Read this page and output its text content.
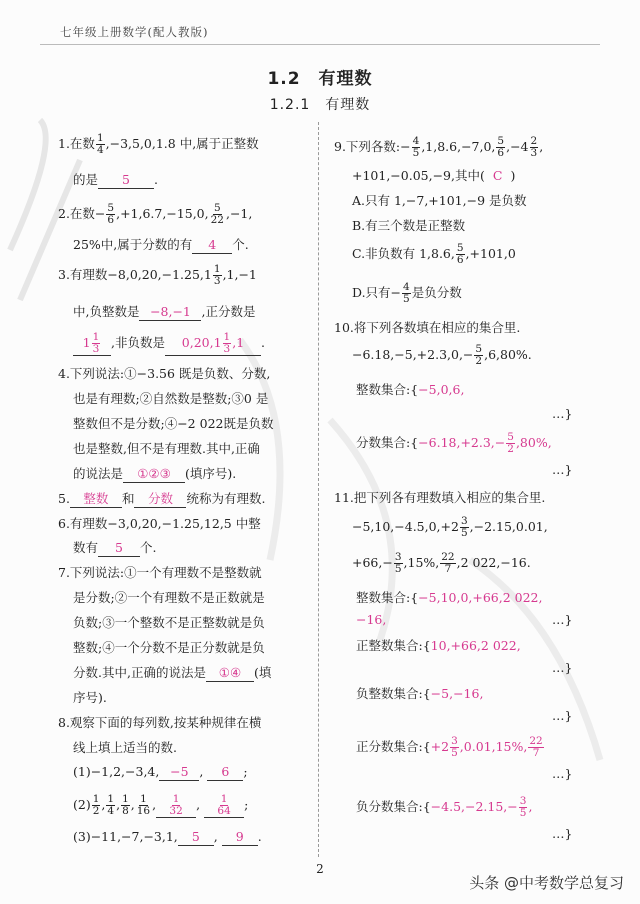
七年级上册数学(配人教版)
1.2　有理数
1.2.1　有理数
1.在数 $\frac{1}{4} ,-3,5,0,1.8$ 中,属于正整数
的是 5 .
2.在数− $\frac{5}{6} ,+1,6.7,-15,0$, $\frac{5}{22} ,-1$,
25%中,属于分数的有 4 个.
3.有理数$-8,0,20,-1.25,1 \frac{1}{3} ,1,-1$
中,负整数是 −8,−1 ,正分数是
$1 \frac{1}{3}$ ,非负数是 $0,20,1 \frac{1}{3} ,1$ .
4.下列说法:①−3.56 既是负数、分数,
也是有理数;②自然数是整数;③0 是
整数但不是分数;④−2 022既是负数
也是整数,但不是有理数.其中,正确
的说法是 ①②③ (填序号).
5. 整数 和 分数 统称为有理数.
6.有理数−3,0,20,−1.25,12,5 中整
数有 5 个.
7.下列说法:①一个有理数不是整数就
是分数;②一个有理数不是正数就是
负数;③一个整数不是正整数就是负
整数;④一个分数不是正分数就是负
分数.其中,正确的说法是 ①④ (填
序号).
8.观察下面的每列数,按某种规律在横
线上填上适当的数.
(1)−1,2,−3,4, −5 , 6 ;
$(2) \frac{1}{2}$ , $\frac{1}{4}$ , $\frac{1}{8}$ , $\frac{1}{16}$ , $\frac{1}{32}$ , $\frac{1}{64}$ ;
(3)−11,−7,−3,1, 5 , 9 .
9.下列各数:− $\frac{4}{5} ,1,8.6,-7,0$, $\frac{5}{6} ,-4 \frac{2}{3}$ ,
+101,−0.05,−9,其中( C )
A.只有 1,−7,+101,−9 是负数
B.有三个数是正整数
C.非负数有 1,8.6, $\frac{5}{6} ,+101,0$
D.只有− $\frac{4}{5}$ 是负分数
10.将下列各数填在相应的集合里.
$-6.18,-5,+2.3,0,- \frac{5}{2} ,6,80\%$.
整数集合:{−5,0,6,
…}
分数集合:{−6.18,+2.3,− $\frac{5}{2} ,80\%$,
…}
11.把下列各有理数填入相应的集合里.
$-5,10,-4.5,0,+2 \frac{3}{5} ,-2.15,0.01$,
$+66,- \frac{3}{5} ,15\%$, $\frac{22}{7} ,2$ 022,−16.
整数集合:{−5,10,0,+66,2 022,
−16,	…}
正整数集合:{10,+66,2 022,
…}
负整数集合:{−5,−16,
…}
正分数集合:{+2 $\frac{3}{5} ,0.01,15\%$, $\frac{22}{7}$
…}
负分数集合:{−4.5,−2.15,− $\frac{3}{5}$ ,
…}
2
头条 @中考数学总复习
